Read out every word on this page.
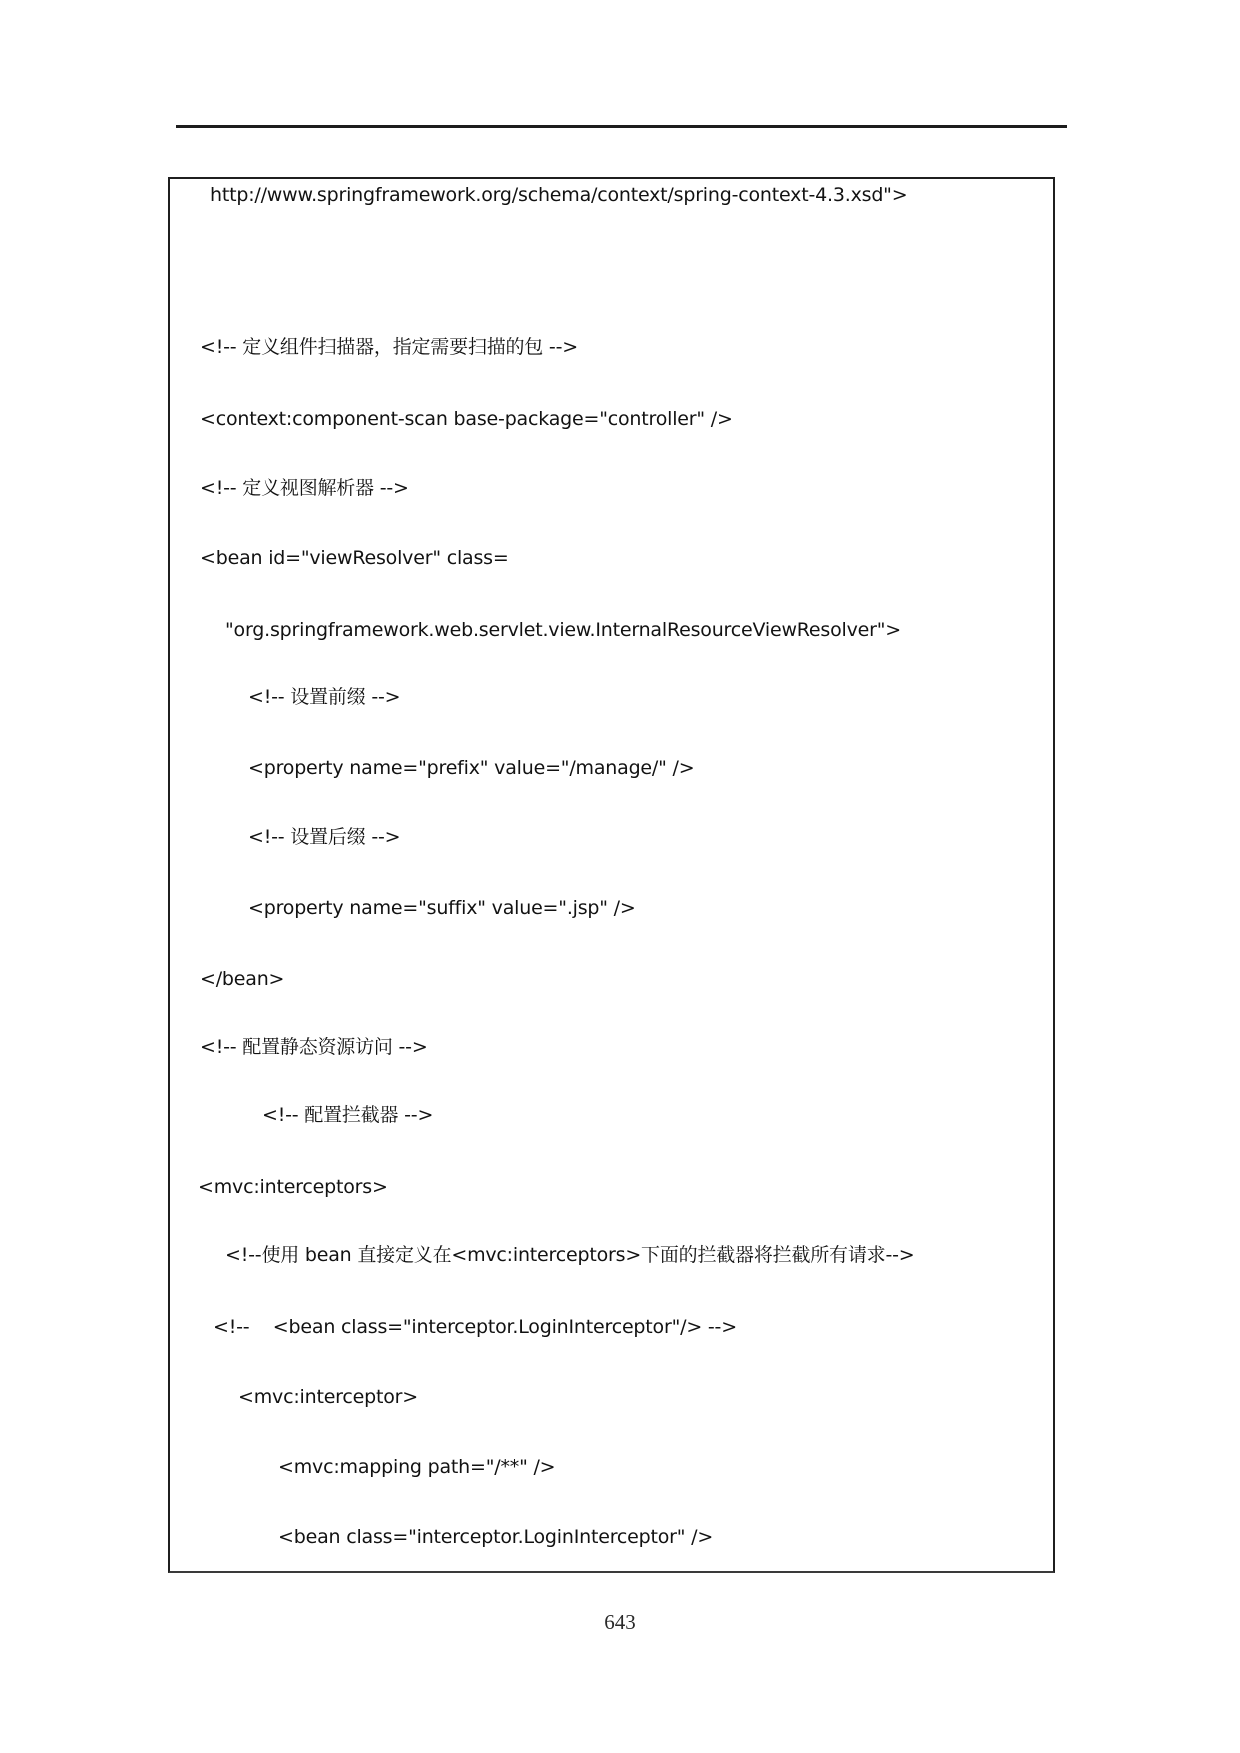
http://www.springframework.org/schema/context/spring-context-4.3.xsd">
<!-- 定义组件扫描器，指定需要扫描的包 -->
<context:component-scan base-package="controller" />
<!-- 定义视图解析器 -->
<bean id="viewResolver" class=
"org.springframework.web.servlet.view.InternalResourceViewResolver">
<!-- 设置前缀 -->
<property name="prefix" value="/manage/" />
<!-- 设置后缀 -->
<property name="suffix" value=".jsp" />
</bean>
<!-- 配置静态资源访问 -->
<!-- 配置拦截器 -->
<mvc:interceptors>
<!--使用 bean 直接定义在<mvc:interceptors>下面的拦截器将拦截所有请求-->
<!--    <bean class="interceptor.LoginInterceptor"/> -->
<mvc:interceptor>
<mvc:mapping path="/**" />
<bean class="interceptor.LoginInterceptor" />
643
